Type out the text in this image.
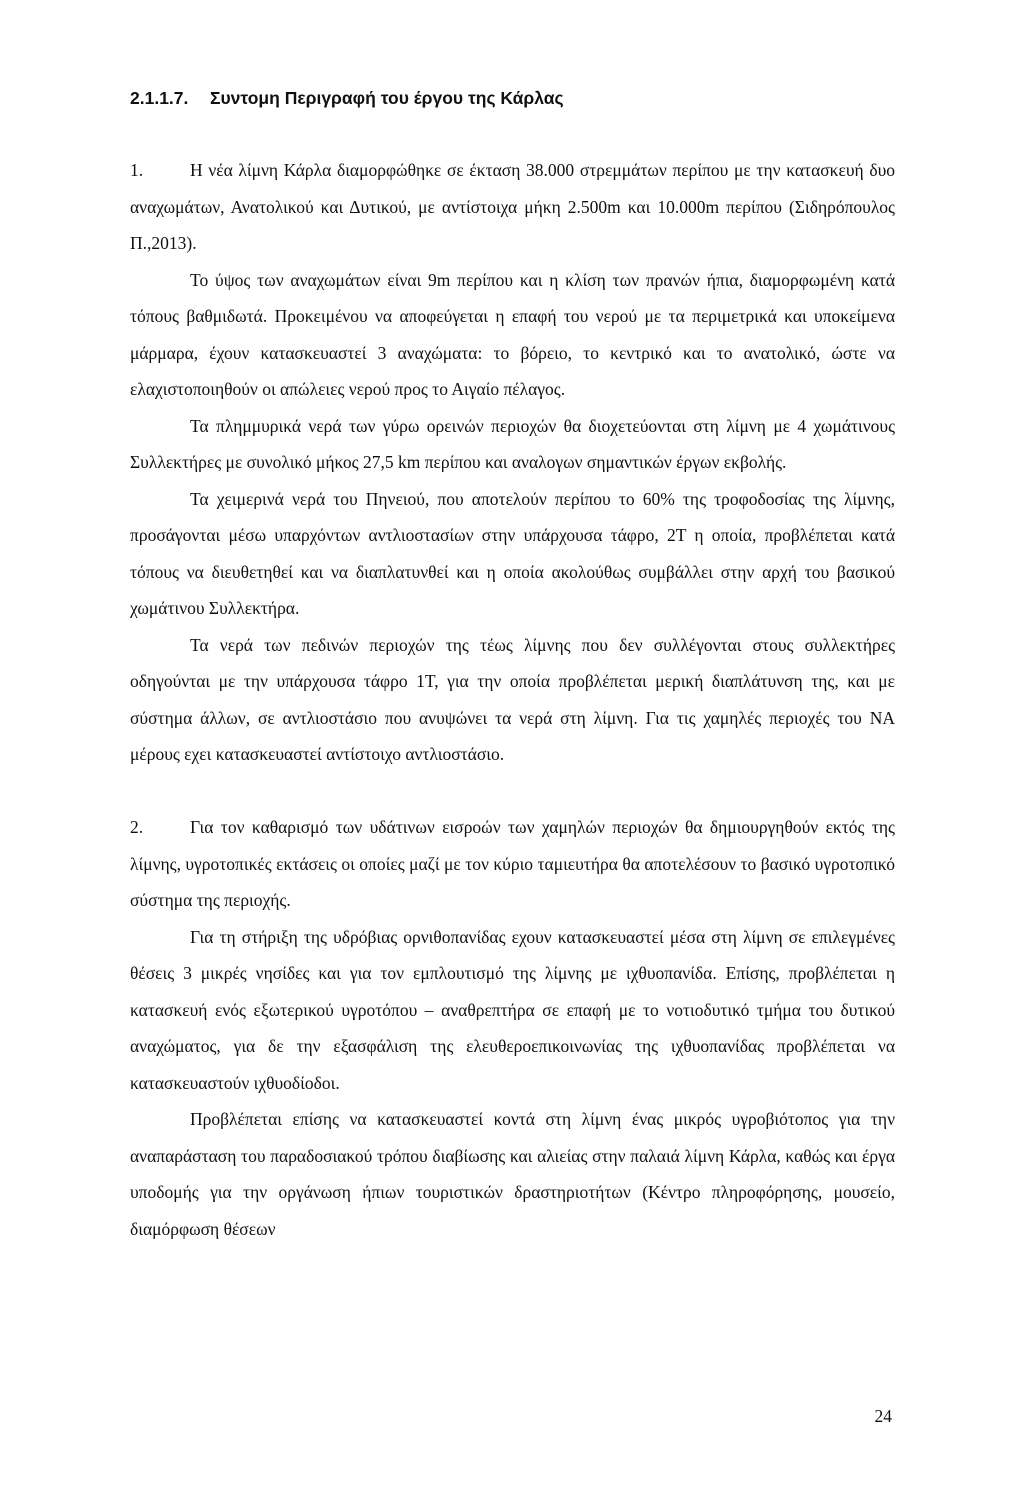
2.1.1.7. Συντομη Περιγραφή του έργου της Κάρλας

1.	Η νέα λίμνη Κάρλα διαμορφώθηκε σε έκταση 38.000 στρεμμάτων περίπου με την κατασκευή δυο αναχωμάτων, Ανατολικού και Δυτικού, με αντίστοιχα μήκη 2.500m και 10.000m περίπου (Σιδηρόπουλος Π.,2013).

Το ύψος των αναχωμάτων είναι 9m περίπου και η κλίση των πρανών ήπια, διαμορφωμένη κατά τόπους βαθμιδωτά. Προκειμένου να αποφεύγεται η επαφή του νερού με τα περιμετρικά και υποκείμενα μάρμαρα, έχουν κατασκευαστεί 3 αναχώματα: το βόρειο, το κεντρικό και το ανατολικό, ώστε να ελαχιστοποιηθούν οι απώλειες νερού προς το Αιγαίο πέλαγος.

Τα πλημμυρικά νερά των γύρω ορεινών περιοχών θα διοχετεύονται στη λίμνη με 4 χωμάτινους Συλλεκτήρες με συνολικό μήκος 27,5 km περίπου και αναλογων σημαντικών έργων εκβολής.

Τα χειμερινά νερά του Πηνειού, που αποτελούν περίπου το 60% της τροφοδοσίας της λίμνης, προσάγονται μέσω υπαρχόντων αντλιοστασίων στην υπάρχουσα τάφρο, 2Τ η οποία, προβλέπεται κατά τόπους να διευθετηθεί και να διαπλατυνθεί και η οποία ακολούθως συμβάλλει στην αρχή του βασικού χωμάτινου Συλλεκτήρα.

Τα νερά των πεδινών περιοχών της τέως λίμνης που δεν συλλέγονται στους συλλεκτήρες οδηγούνται με την υπάρχουσα τάφρο 1Τ, για την οποία προβλέπεται μερική διαπλάτυνση της, και με σύστημα άλλων, σε αντλιοστάσιο που ανυψώνει τα νερά στη λίμνη. Για τις χαμηλές περιοχές του ΝΑ μέρους εχει κατασκευαστεί αντίστοιχο αντλιοστάσιο.

2.	Για τον καθαρισμό των υδάτινων εισροών των χαμηλών περιοχών θα δημιουργηθούν εκτός της λίμνης, υγροτοπικές εκτάσεις οι οποίες μαζί με τον κύριο ταμιευτήρα θα αποτελέσουν το βασικό υγροτοπικό σύστημα της περιοχής.

Για τη στήριξη της υδρόβιας ορνιθοπανίδας εχουν κατασκευαστεί μέσα στη λίμνη σε επιλεγμένες θέσεις 3 μικρές νησίδες και για τον εμπλουτισμό της λίμνης με ιχθυοπανίδα. Επίσης, προβλέπεται η κατασκευή ενός εξωτερικού υγροτόπου – αναθρεπτήρα σε επαφή με το νοτιοδυτικό τμήμα του δυτικού αναχώματος, για δε την εξασφάλιση της ελευθεροεπικοινωνίας της ιχθυοπανίδας προβλέπεται να κατασκευαστούν ιχθυοδίοδοι.

Προβλέπεται επίσης να κατασκευαστεί κοντά στη λίμνη ένας μικρός υγροβιότοπος για την αναπαράσταση του παραδοσιακού τρόπου διαβίωσης και αλιείας στην παλαιά λίμνη Κάρλα, καθώς και έργα υποδομής για την οργάνωση ήπιων τουριστικών δραστηριοτήτων (Κέντρο πληροφόρησης, μουσείο, διαμόρφωση θέσεων

24
